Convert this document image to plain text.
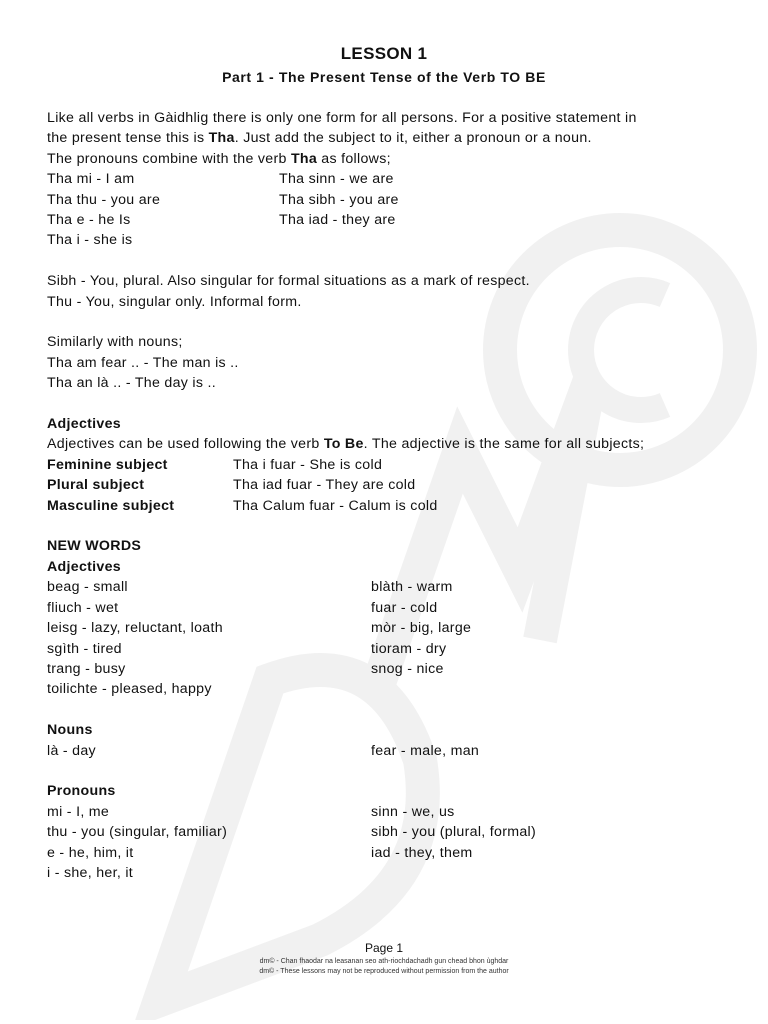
LESSON 1
Part 1 - The Present Tense of the Verb TO BE

Like all verbs in Gàidhlig there is only one form for all persons. For a positive statement in

the present tense this is Tha. Just add the subject to it, either a pronoun or a noun.

The pronouns combine with the verb Tha as follows;

Tha mi - I am	Tha sinn - we are
Tha thu - you are	Tha sibh - you are
Tha e - he Is	Tha iad - they are
Tha i - she is

Sibh - You, plural. Also singular for formal situations as a mark of respect.

Thu - You, singular only. Informal form.

Similarly with nouns;

Tha am fear .. - The man is ..

Tha an là .. - The day is ..

Adjectives

Adjectives can be used following the verb To Be. The adjective is the same for all subjects;

Feminine subject	Tha i fuar - She is cold
Plural subject	Tha iad fuar - They are cold
Masculine subject	Tha Calum fuar - Calum is cold

NEW WORDS

Adjectives

beag - small	blàth - warm
fliuch - wet	fuar - cold
leisg - lazy, reluctant, loath	mòr - big, large
sgìth - tired	tioram - dry
trang - busy	snog - nice
toilichte - pleased, happy

Nouns

là - day	fear - male, man

Pronouns

mi - I, me	sinn - we, us
thu - you (singular, familiar)	sibh - you (plural, formal)
e - he, him, it	iad - they, them
i - she, her, it
Page 1
dm© - Chan fhaodar na leasanan seo ath-riochdachadh gun chead bhon ùghdar
dm© - These lessons may not be reproduced without permission from the author
